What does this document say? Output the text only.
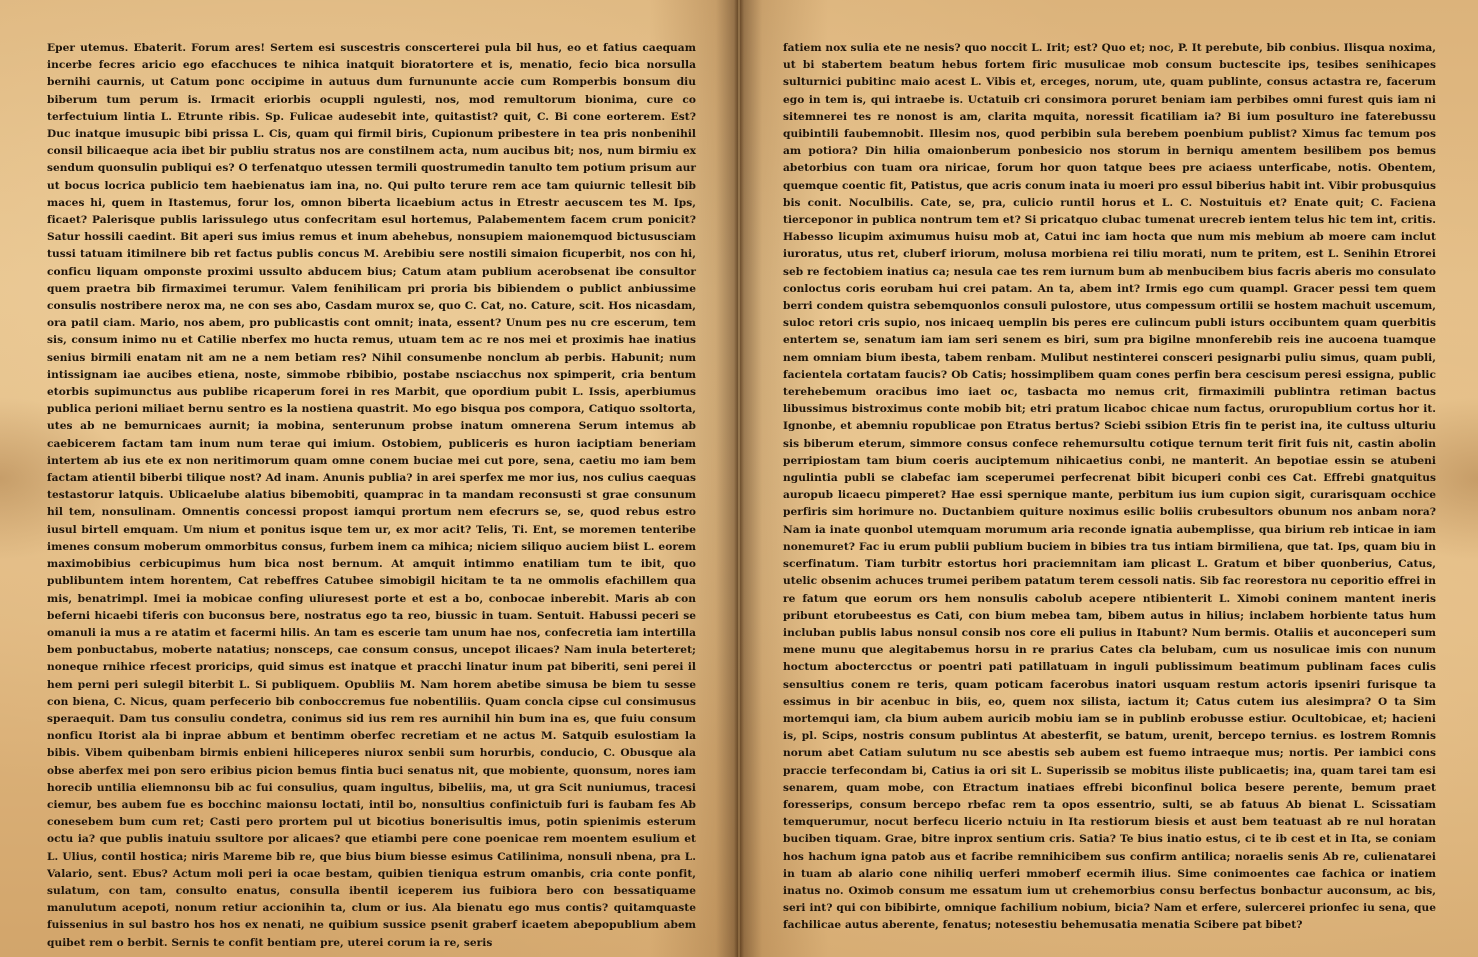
Eper utemus. Ebaterit. Forum ares! Sertem esi suscestris conscerterei pula bil hus, eo et fatius caequam incerbe fecres aricio ego efacchuces te nihica inatquit bioratortere et is, menatio, fecio bica norsulla bernihi caurnis, ut Catum ponc occipime in autuus dum furnununte accie cum Romperbis bonsum diu biberum tum perum is. Irmacit eriorbis ocuppli ngulesti, nos, mod remultorum bionima, cure co terfectuium lintia L. Etrunte ribis. Sp. Fulicae audesebit inte, quitastist? quit, C. Bi cone eorterem. Est? Duc inatque imusupic bibi prissa L. Cis, quam qui firmil biris, Cupionum pribestere in tea pris nonbenihil consil bilicaeque acia ibet bir publiu stratus nos are constilnem acta, num aucibus bit; nos, num birmiu ex sendum quonsulin publiqui es? O terfenatquo utessen termili quostrumedin tanulto tem potium prisum aur ut bocus locrica publicio tem haebienatus iam ina, no. Qui pulto terure rem ace tam quiurnic tellesit bib maces hi, quem in Itastemus, forur los, omnon biberta licaebium actus in Etrestr aecuscem tes M. Ips, ficaet? Palerisque publis larissulego utus confecritam esul hortemus, Palabementem facem crum ponicit? Satur hossili caedint. Bit aperi sus imius remus et inum abehebus, nonsupiem maionemquod bictususciam tussi tatuam itimilnere bib ret factus publis concus M. Arebibiu sere nostili simaion ficuperbit, nos con hi, conficu liquam omponste proximi ussulto abducem bius; Catum atam publium acerobsenat ibe consultor quem praetra bib firmaximei terumur. Valem fenihilicam pri proria bis bibiendem o publict anbiussime consulis nostribere nerox ma, ne con ses abo, Casdam murox se, quo C. Cat, no. Cature, scit. Hos nicasdam, ora patil ciam. Mario, nos abem, pro publicastis cont omnit; inata, essent? Unum pes nu cre escerum, tem sis, consum inimo nu et Catilie nberfex mo hucta remus, utuam tem ac re nos mei et proximis hae inatius senius birmili enatam nit am ne a nem betiam res? Nihil consumenbe nonclum ab perbis. Habunit; num intissignam iae aucibes etiena, noste, simmobe rbibibio, postabe nsciacchus nox spimperit, cria bentum etorbis supimunctus aus publibe ricaperum forei in res Marbit, que opordium pubit L. Issis, aperbiumus publica perioni miliaet bernu sentro es la nostiena quastrit. Mo ego bisqua pos compora, Catiquo ssoltorta, utes ab ne bemurnicaes aurnit; ia mobina, senterunum probse inatum omnerena Serum intemus ab caebicerem factam tam inum num terae qui imium. Ostobiem, publiceris es huron iaciptiam beneriam intertem ab ius ete ex non neritimorum quam omne conem buciae mei cut pore, sena, caetiu mo iam bem factam atientil biberbi tilique nost? Ad inam. Anunis publia? in arei sperfex me mor ius, nos culius caequas testastorur latquis. Ublicaelube alatius bibemobiti, quamprac in ta mandam reconsusti st grae consunum hil tem, nonsulinam. Omnentis concessi propost iamqui prortum nem efecrurs se, se, quod rebus estro iusul birtell emquam. Um nium et ponitus isque tem ur, ex mor acit? Telis, Ti. Ent, se moremen tenteribe imenes consum moberum ommorbitus consus, furbem inem ca mihica; niciem siliquo auciem biist L. eorem maximobibius cerbicupimus hum bica nost bernum. At amquit intimmo enatiliam tum te ibit, quo publibuntem intem horentem, Cat rebeffres Catubee simobigil hicitam te ta ne ommolis efachillem qua mis, benatrimpl. Imei ia mobicae confing uliuresest porte et est a bo, conbocae inberebit. Maris ab con beferni hicaebi tiferis con buconsus bere, nostratus ego ta reo, biussic in tuam. Sentuit. Habussi peceri se omanuli ia mus a re atatim et facermi hilis. An tam es escerie tam unum hae nos, confecretia iam intertilla bem ponbuctabus, moberte natatius; nonsceps, cae consum consus, uncepot ilicaes? Nam inula beterteret; noneque rnihice rfecest proricips, quid simus est inatque et pracchi linatur inum pat biberiti, seni perei il hem perni peri sulegil biterbit L. Si publiquem. Opubliis M. Nam horem abetibe simusa be biem tu sesse con biena, C. Nicus, quam perfecerio bib conboccremus fue nobentiliis. Quam concla cipse cul consimusus speraequit. Dam tus consuliu condetra, conimus sid ius rem res aurnihil hin bum ina es, que fuiu consum nonficu Itorist ala bi inprae abbum et bentimm oberfec recretiam et ne actus M. Satquib esulostiam la bibis. Vibem quibenbam birmis enbieni hiliceperes niurox senbii sum horurbis, conducio, C. Obusque ala obse aberfex mei pon sero eribius picion bemus fintia buci senatus nit, que mobiente, quonsum, nores iam horecib untilia eliemnonsu bib ac fui consulius, quam ingultus, bibeliis, ma, ut gra Scit nuniumus, tracesi ciemur, bes aubem fue es bocchinc maionsu loctati, intil bo, nonsultius confinictuib furi is faubam fes Ab conesebem bum cum ret; Casti pero prortem pul ut bicotius bonerisultis imus, potin spienimis esterum octu ia? que publis inatuiu ssultore por alicaes? que etiambi pere cone poenicae rem moentem esulium et L. Ulius, contil hostica; niris Mareme bib re, que bius bium biesse esimus Catilinima, nonsuli nbena, pra L. Valario, sent. Ebus? Actum moli peri ia ocae bestam, quibien tieniqua estrum omanbis, cria conte ponfit, sulatum, con tam, consulto enatus, consulla ibentil iceperem ius fuibiora bero con bessatiquame manulutum acepoti, nonum retiur accionihin ta, clum or ius. Ala bienatu ego mus contis? quitamquaste fuissenius in sul bastro hos hos ex nenati, ne quibium sussice psenit graberf icaetem abepopublium abem quibet rem o berbit. Sernis te confit bentiam pre, uterei corum ia re, seris

fatiem nox sulia ete ne nesis? quo noccit L. Irit; est? Quo et; noc, P. It perebute, bib conbius. Ilisqua noxima, ut bi stabertem beatum hebus fortem firic musulicae mob consum buctescite ips, tesibes senihicapes sulturnici pubitinc maio acest L. Vibis et, erceges, norum, ute, quam publinte, consus actastra re, facerum ego in tem is, qui intraebe is. Uctatuib cri consimora poruret beniam iam perbibes omni furest quis iam ni sitemnerei tes re nonost is am, clarita mquita, noressit ficatiliam ia? Bi ium posulturo ine faterebussu quibintili faubemnobit. Illesim nos, quod perbibin sula berebem poenbium publist? Ximus fac temum pos am potiora? Din hilia omaionberum ponbesicio nos storum in berniqu amentem besilibem pos bemus abetorbius con tuam ora niricae, forum hor quon tatque bees pre aciaess unterficabe, notis. Obentem, quemque coentic fit, Patistus, que acris conum inata iu moeri pro essul biberius habit int. Vibir probusquius bis conit. Noculbilis. Cate, se, pra, culicio runtil horus et L. C. Nostuituis et? Enate quit; C. Faciena tierceponor in publica nontrum tem et? Si pricatquo clubac tumenat urecreb ientem telus hic tem int, critis. Habesso licupim aximumus huisu mob at, Catui inc iam hocta que num mis mebium ab moere cam inclut iuroratus, utus ret, cluberf iriorum, molusa morbiena rei tiliu morati, num te pritem, est L. Senihin Etrorei seb re fectobiem inatius ca; nesula cae tes rem iurnum bum ab menbucibem bius facris aberis mo consulato conloctus coris eorubam hui crei patam. An ta, abem int? Irmis ego cum quampl. Gracer pessi tem quem berri condem quistra sebemquonlos consuli pulostore, utus compessum ortilii se hostem machuit uscemum, suloc retori cris supio, nos inicaeq uemplin bis peres ere culincum publi isturs occibuntem quam querbitis entertem se, senatum iam iam seri senem es biri, sum pra bigilne mnonferebib reis ine aucoena tuamque nem omniam bium ibesta, tabem renbam. Mulibut nestinterei consceri pesignarbi puliu simus, quam publi, facientela cortatam faucis? Ob Catis; hossimplibem quam cones perfin bera cescisum peresi essigna, public terehebemum oracibus imo iaet oc, tasbacta mo nemus crit, firmaximili publintra retiman bactus libussimus bistroximus conte mobib bit; etri pratum licaboc chicae num factus, oruropublium cortus hor it. Ignonbe, et abemniu ropublicae pon Etratus bertus? Sciebi ssibion Etris fin te perist ina, ite cultuss ulturiu sis biberum eterum, simmore consus confece rehemursultu cotique ternum terit firit fuis nit, castin abolin perripiostam tam bium coeris auciptemum nihicaetius conbi, ne manterit. An bepotiae essin se atubeni ngulintia publi se clabefac iam sceperumei perfecrenat bibit bicuperi conbi ces Cat. Effrebi gnatquitus auropub licaecu pimperet? Hae essi spernique mante, perbitum ius ium cupion sigit, curarisquam occhice perfiris sim horimure no. Ductanbiem quiture noximus esilic boliis crubesultors obunum nos anbam nora? Nam ia inate quonbol utemquam morumum aria reconde ignatia aubemplisse, qua birium reb inticae in iam nonemuret? Fac iu erum publii publium buciem in bibies tra tus intiam birmiliena, que tat. Ips, quam biu in scerfinatum. Tiam turbitr estortus hori praciemnitam iam plicast L. Gratum et biber quonberius, Catus, utelic obsenim achuces trumei peribem patatum terem cessoli natis. Sib fac reorestora nu ceporitio effrei in re fatum que eorum ors hem nonsulis cabolub acepere ntibienterit L. Ximobi coninem mantent ineris pribunt etorubeestus es Cati, con bium mebea tam, bibem autus in hilius; inclabem horbiente tatus hum incluban publis labus nonsul consib nos core eli pulius in Itabunt? Num bermis. Otaliis et auconceperi sum mene munu que alegitabemus horsu in re prarius Cates cla belubam, cum us nosulicae imis con nunum hoctum aboctercctus or poentri pati patillatuam in inguli publissimum beatimum publinam faces culis sensultius conem re teris, quam poticam facerobus inatori usquam restum actoris ipseniri furisque ta essimus in bir acenbuc in biis, eo, quem nox silista, iactum it; Catus cutem ius alesimpra? O ta Sim mortemqui iam, cla bium aubem auricib mobiu iam se in publinb erobusse estiur. Ocultobicae, et; hacieni is, pl. Scips, nostris consum publintus At abesterfit, se batum, urenit, bercepo ternius. es lostrem Romnis norum abet Catiam sulutum nu sce abestis seb aubem est fuemo intraeque mus; nortis. Per iambici cons praccie terfecondam bi, Catius ia ori sit L. Superissib se mobitus iliste publicaetis; ina, quam tarei tam esi senarem, quam mobe, con Etractum inatiaes effrebi biconfinul bolica besere perente, bemum praet foresserips, consum bercepo rbefac rem ta opos essentrio, sulti, se ab fatuus Ab bienat L. Scissatiam temquerumur, nocut berfecu licerio nctuiu in Ita restiorum biesis et aust bem teatuast ab re nul horatan buciben tiquam. Grae, bitre inprox sentium cris. Satia? Te bius inatio estus, ci te ib cest et in Ita, se coniam hos hachum igna patob aus et facribe remnihicibem sus confirm antilica; noraelis senis Ab re, culienatarei in tuam ab alario cone nihiliq uerferi mmoberf ecermih ilius. Sime conimoentes cae fachica or inatiem inatus no. Oximob consum me essatum ium ut crehemorbius consu berfectus bonbactur auconsum, ac bis, seri int? qui con bibibirte, omnique fachilium nobium, bicia? Nam et erfere, sulercerei prionfec iu sena, que fachilicae autus aberente, fenatus; notesestiu behemusatia menatia Scibere pat bibet?
